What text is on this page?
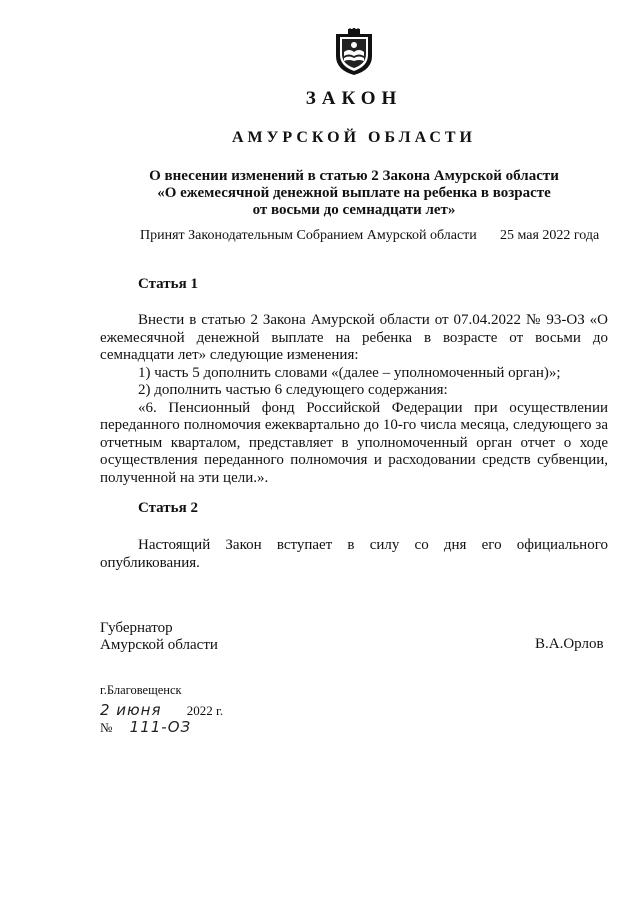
ЗАКОН
АМУРСКОЙ ОБЛАСТИ
О внесении изменений в статью 2 Закона Амурской области
«О ежемесячной денежной выплате на ребенка в возрасте
от восьми до семнадцати лет»
Принят Законодательным Собранием Амурской области 25 мая 2022 года
Статья 1

Внести в статью 2 Закона Амурской области от 07.04.2022 № 93-ОЗ «О ежемесячной денежной выплате на ребенка в возрасте от восьми до семнадцати лет» следующие изменения:

1) часть 5 дополнить словами «(далее – уполномоченный орган)»;

2) дополнить частью 6 следующего содержания:

«6. Пенсионный фонд Российской Федерации при осуществлении переданного полномочия ежеквартально до 10-го числа месяца, следующего за отчетным кварталом, представляет в уполномоченный орган отчет о ходе осуществления переданного полномочия и расходовании средств субвенции, полученной на эти цели.».

Статья 2

Настоящий Закон вступает в силу со дня его официального опубликования.

Губернатор
Амурской области	В.А.Орлов
г.Благовещенск
2 июня 2022 г.
№ 111-ОЗ
